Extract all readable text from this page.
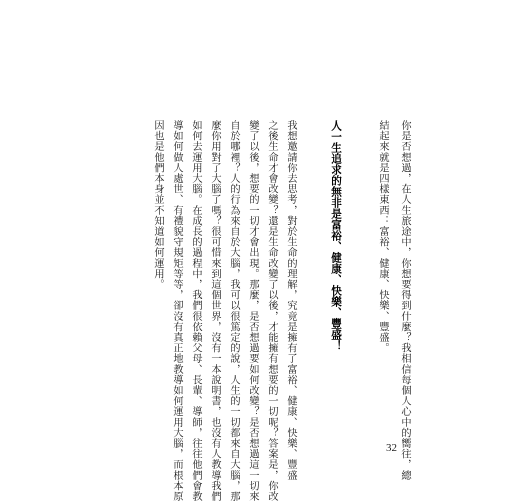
你是否想過，在人生旅途中，你想要得到什麼？我相信每個人心中的嚮往，總

結起來就是四樣東西：富裕、健康、快樂、豐盛。

人一生追求的無非是富裕、健康、快樂、豐盛！

我想邀請你去思考，對於生命的理解，究竟是擁有了富裕、健康、快樂、豐盛

之後生命才會改變？還是生命改變了以後，才能擁有想要的一切呢？答案是，你改

變了以後，想要的一切才會出現。那麼，是否想過要如何改變？是否想過這一切來

自於哪裡？人的行為來自於大腦，我可以很篤定的說，人生的一切都來自大腦，那

麼你用對了大腦了嗎？很可惜來到這個世界，沒有一本說明書，也沒有人教導我們

如何去運用大腦。在成長的過程中，我們很依賴父母、長輩、導師，往往他們會教

導如何做人處世、有禮貌守規矩等等，卻沒有真正地教導如何運用大腦，而根本原

因也是他們本身並不知道如何運用。

32
